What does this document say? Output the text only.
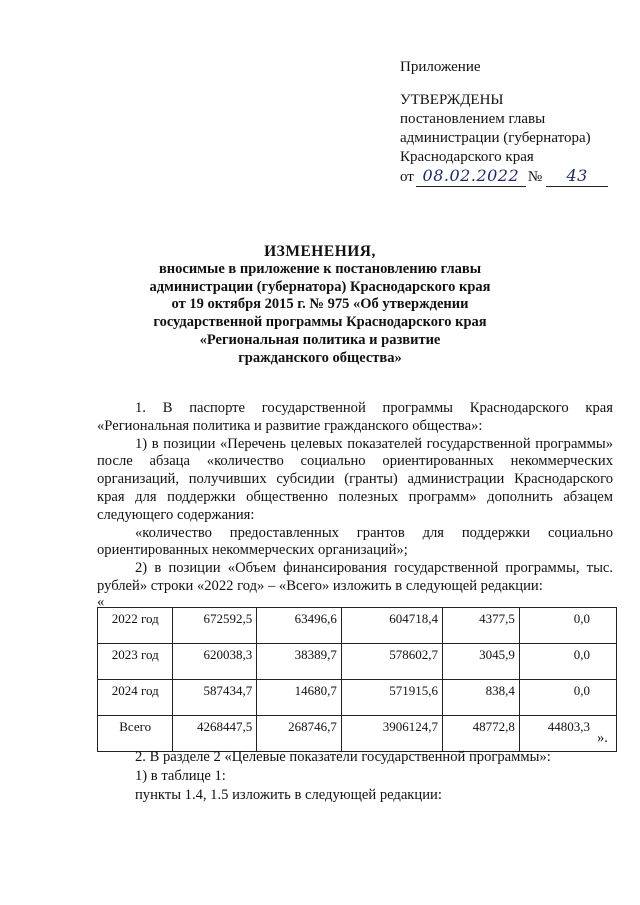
Приложение
УТВЕРЖДЕНЫ
постановлением главы
администрации (губернатора)
Краснодарского края
от 08.02.2022 №	43
ИЗМЕНЕНИЯ,
вносимые в приложение к постановлению главы
администрации (губернатора) Краснодарского края
от 19 октября 2015 г. № 975 «Об утверждении
государственной программы Краснодарского края
«Региональная политика и развитие
гражданского общества»

1. В паспорте государственной программы Краснодарского края «Региональная политика и развитие гражданского общества»:

1) в позиции «Перечень целевых показателей государственной программы» после абзаца «количество социально ориентированных некоммерческих организаций, получивших субсидии (гранты) администрации Краснодарского края для поддержки общественно полезных программ» дополнить абзацем следующего содержания:

«количество предоставленных грантов для поддержки социально ориентированных некоммерческих организаций»;

2) в позиции «Объем финансирования государственной программы, тыс. рублей» строки «2022 год» – «Всего» изложить в следующей редакции:

«

2022 год	672592,5	63496,6	604718,4	4377,5	0,0
2023 год	620038,3	38389,7	578602,7	3045,9	0,0
2024 год	587434,7	14680,7	571915,6	838,4	0,0
Всего	4268447,5	268746,7	3906124,7	48772,8	44803,3
».

2. В разделе 2 «Целевые показатели государственной программы»:

1) в таблице 1:

пункты 1.4, 1.5 изложить в следующей редакции:
